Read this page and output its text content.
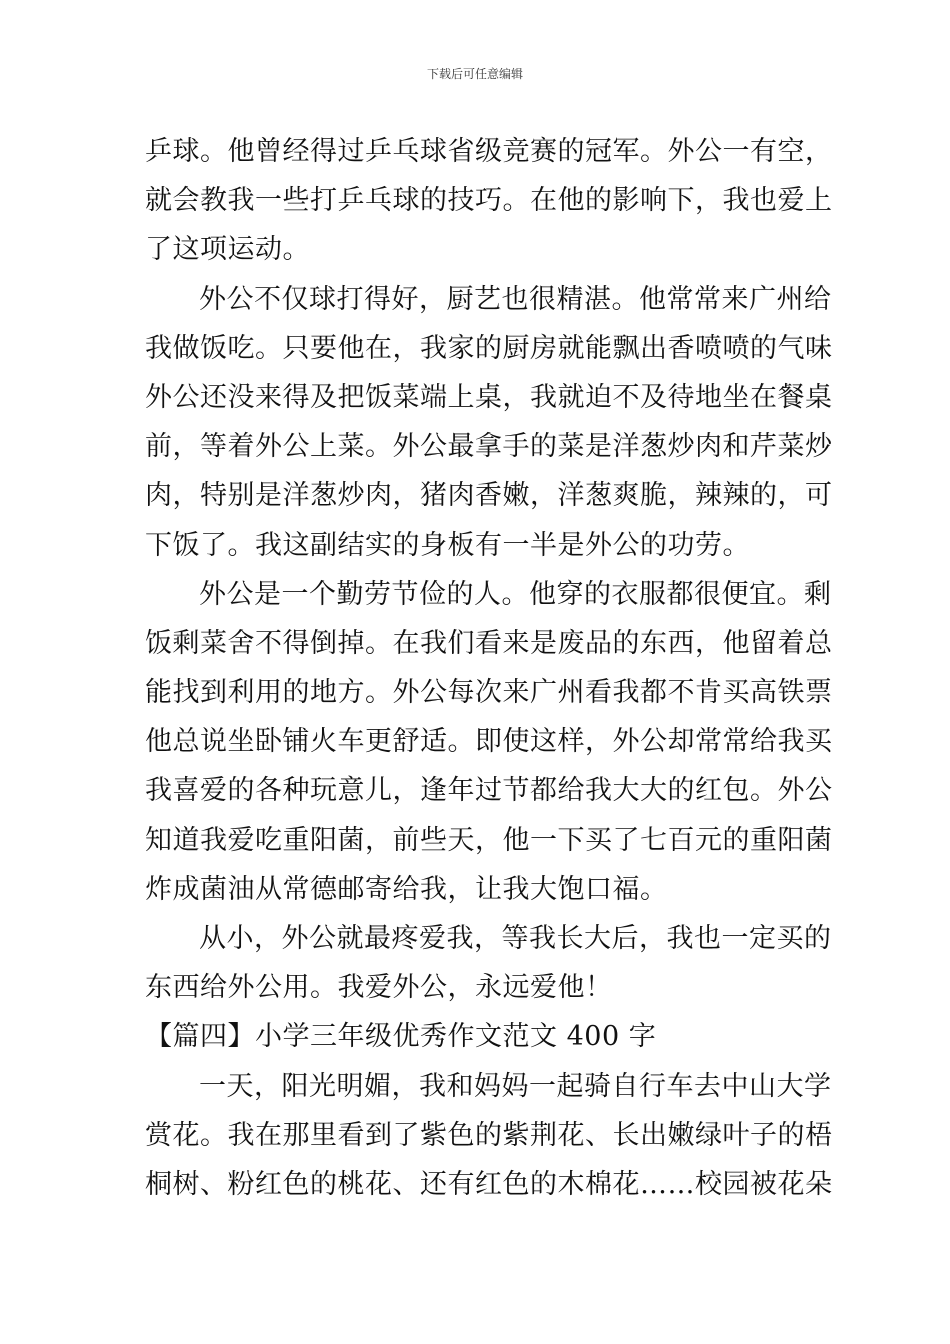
下载后可任意编辑
乒球。他曾经得过乒乓球省级竞赛的冠军。外公一有空，
就会教我一些打乒乓球的技巧。在他的影响下，我也爱上
了这项运动。
外公不仅球打得好，厨艺也很精湛。他常常来广州给
我做饭吃。只要他在，我家的厨房就能飘出香喷喷的气味
外公还没来得及把饭菜端上桌，我就迫不及待地坐在餐桌
前，等着外公上菜。外公最拿手的菜是洋葱炒肉和芹菜炒
肉，特别是洋葱炒肉，猪肉香嫩，洋葱爽脆，辣辣的，可
下饭了。我这副结实的身板有一半是外公的功劳。
外公是一个勤劳节俭的人。他穿的衣服都很便宜。剩
饭剩菜舍不得倒掉。在我们看来是废品的东西，他留着总
能找到利用的地方。外公每次来广州看我都不肯买高铁票
他总说坐卧铺火车更舒适。即使这样，外公却常常给我买
我喜爱的各种玩意儿，逢年过节都给我大大的红包。外公
知道我爱吃重阳菌，前些天，他一下买了七百元的重阳菌
炸成菌油从常德邮寄给我，让我大饱口福。
从小，外公就最疼爱我，等我长大后，我也一定买的
东西给外公用。我爱外公，永远爱他！
【篇四】小学三年级优秀作文范文 400 字
一天，阳光明媚，我和妈妈一起骑自行车去中山大学
赏花。我在那里看到了紫色的紫荆花、长出嫩绿叶子的梧
桐树、粉红色的桃花、还有红色的木棉花……校园被花朵
